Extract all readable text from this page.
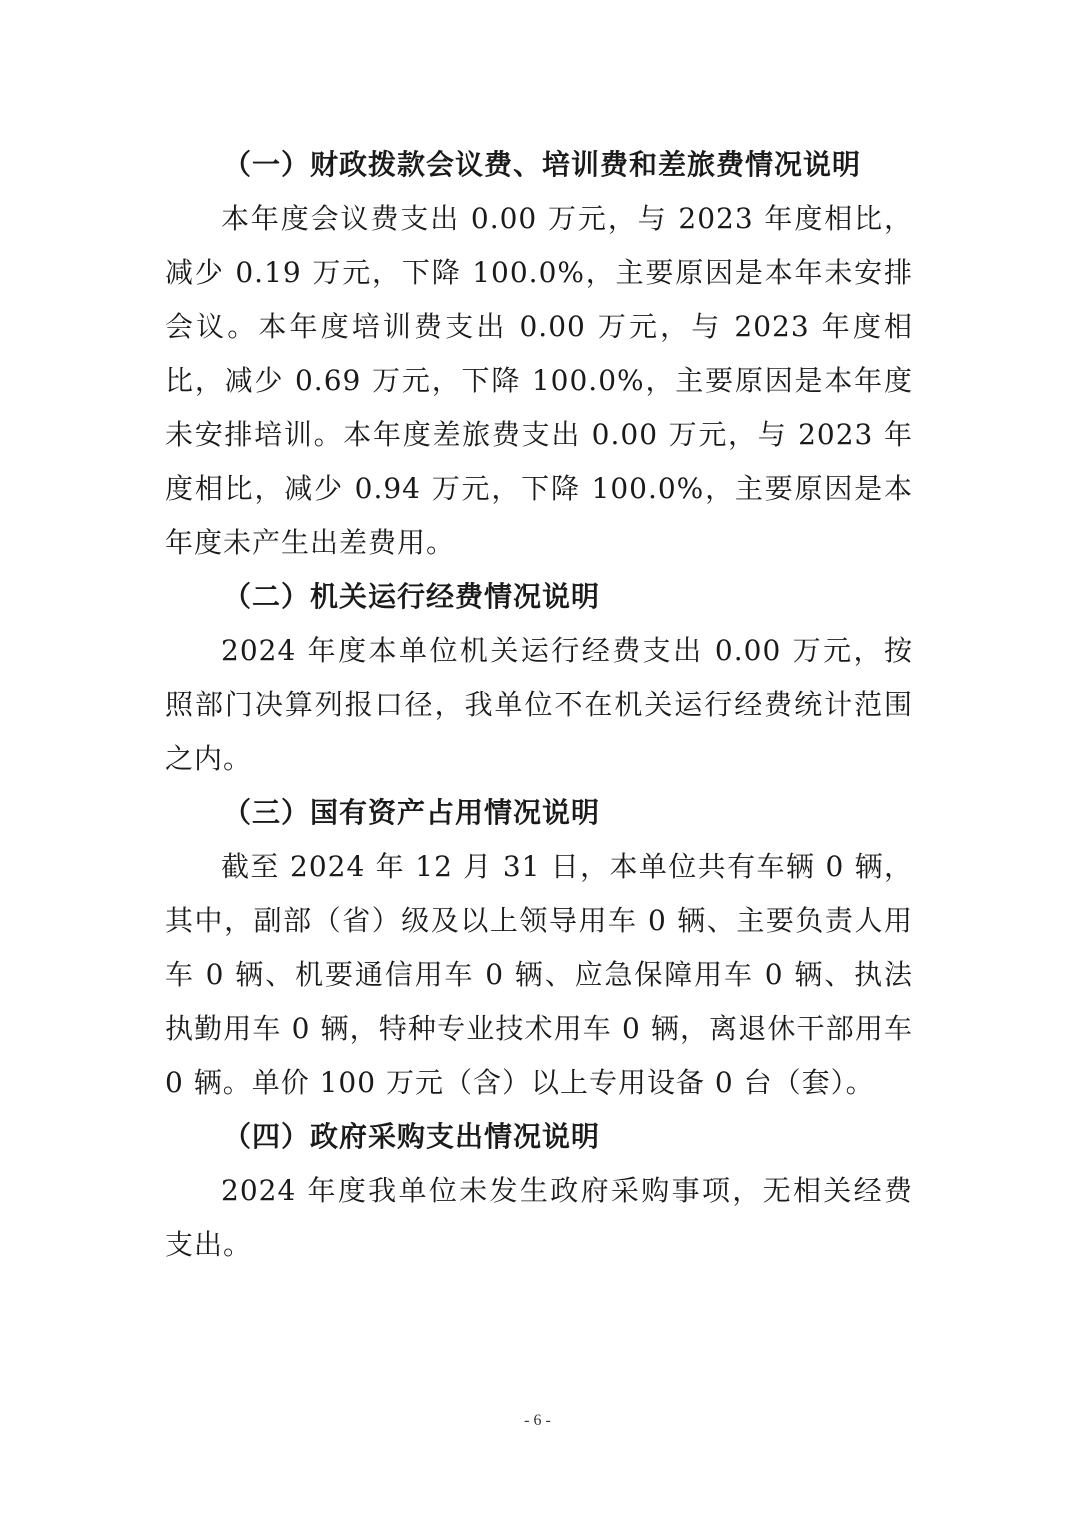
（一）财政拨款会议费、培训费和差旅费情况说明

本年度会议费支出 0.00 万元，与 2023 年度相比，减少 0.19 万元，下降 100.0%，主要原因是本年未安排会议。本年度培训费支出 0.00 万元，与 2023 年度相比，减少 0.69 万元，下降 100.0%，主要原因是本年度未安排培训。本年度差旅费支出 0.00 万元，与 2023 年度相比，减少 0.94 万元，下降 100.0%，主要原因是本年度未产生出差费用。

（二）机关运行经费情况说明

2024 年度本单位机关运行经费支出 0.00 万元，按照部门决算列报口径，我单位不在机关运行经费统计范围之内。

（三）国有资产占用情况说明

截至 2024 年 12 月 31 日，本单位共有车辆 0 辆，其中，副部（省）级及以上领导用车 0 辆、主要负责人用车 0 辆、机要通信用车 0 辆、应急保障用车 0 辆、执法执勤用车 0 辆，特种专业技术用车 0 辆，离退休干部用车 0 辆。单价 100 万元（含）以上专用设备 0 台（套）。

（四）政府采购支出情况说明

2024 年度我单位未发生政府采购事项，无相关经费支出。

- 6 -
